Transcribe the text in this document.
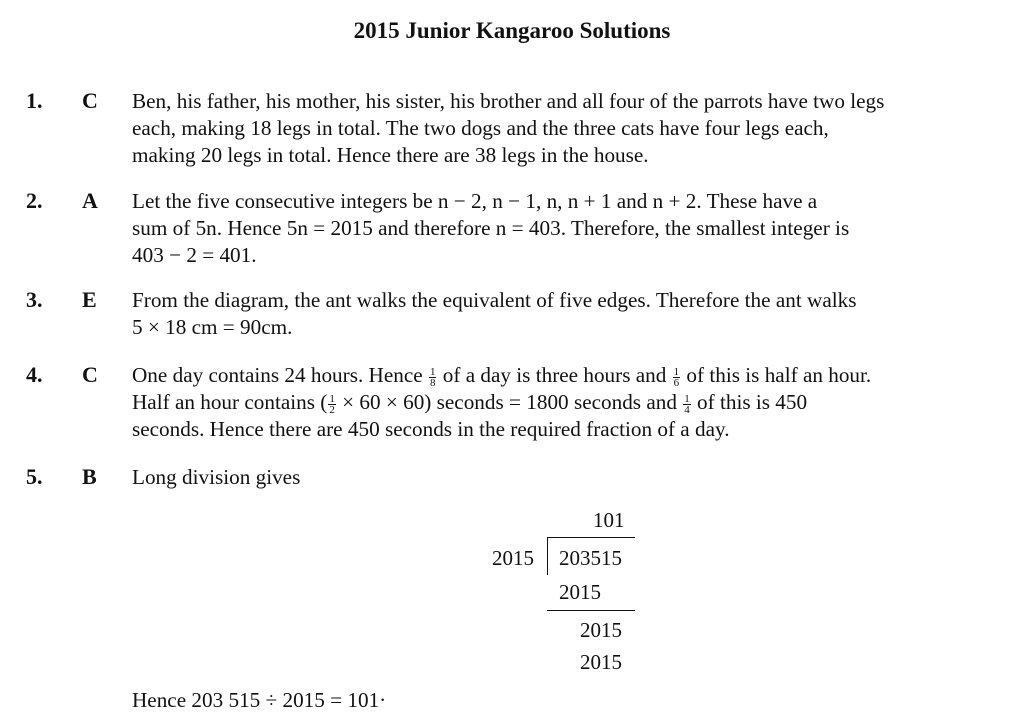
2015 Junior Kangaroo Solutions
1. C Ben, his father, his mother, his sister, his brother and all four of the parrots have two legs
each, making 18 legs in total. The two dogs and the three cats have four legs each,
making 20 legs in total. Hence there are 38 legs in the house.
2. A Let the five consecutive integers be n − 2, n − 1, n, n + 1 and n + 2. These have a
sum of 5n. Hence 5n = 2015 and therefore n = 403. Therefore, the smallest integer is
403 − 2 = 401.
3. E From the diagram, the ant walks the equivalent of five edges. Therefore the ant walks
5 × 18 cm = 90cm.
4. C One day contains 24 hours. Hence $\frac{1}{8}$ of a day is three hours and $\frac{1}{6}$ of this is half an hour.
Half an hour contains ( $\frac{1}{2} \times 60 \times 60$) seconds = 1800 seconds and $\frac{1}{4}$ of this is 450
seconds. Hence there are 450 seconds in the required fraction of a day.
5. B Long division gives
101
2015 203515
2015
2015
2015
Hence 203 515 ÷ 2015 = 101·
